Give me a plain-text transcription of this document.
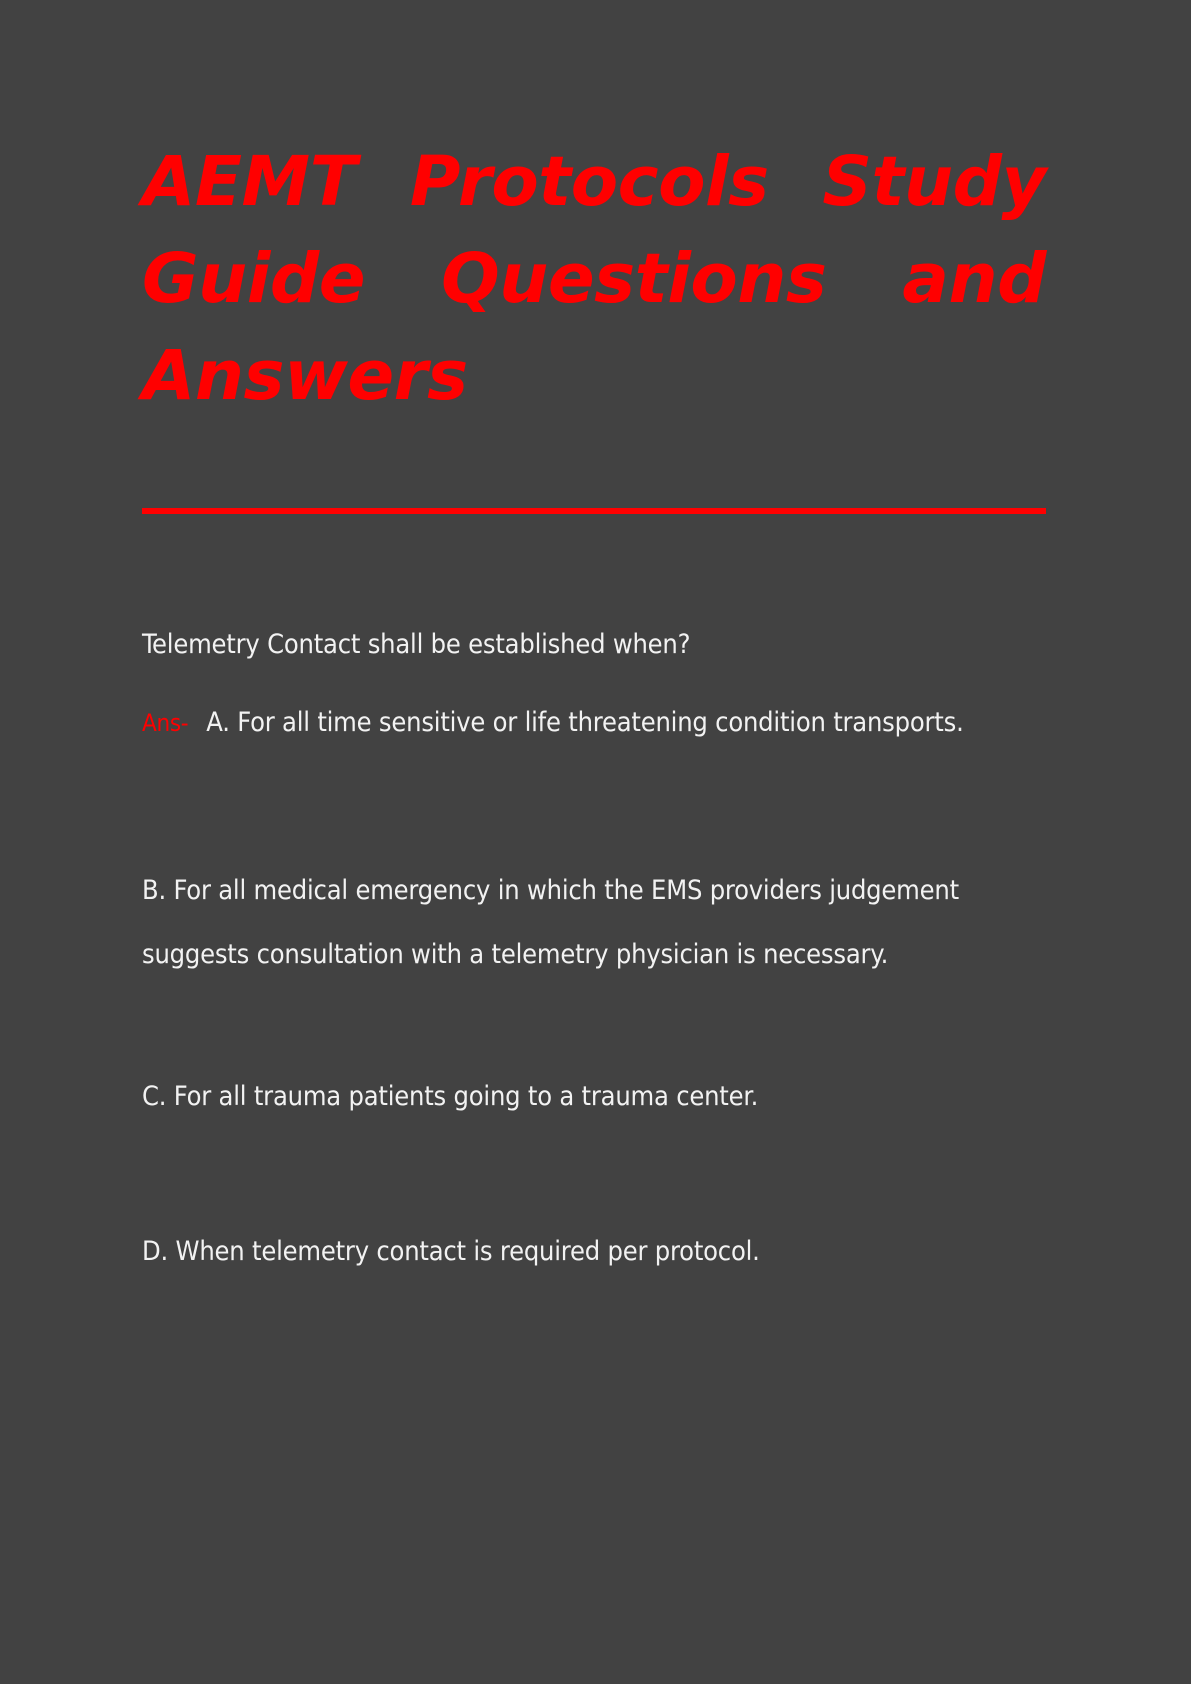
AEMT Protocols Study Guide Questions and Answers

Telemetry Contact shall be established when?

Ans- A. For all time sensitive or life threatening condition transports.

B. For all medical emergency in which the EMS providers judgement suggests consultation with a telemetry physician is necessary.

C. For all trauma patients going to a trauma center.

D. When telemetry contact is required per protocol.
